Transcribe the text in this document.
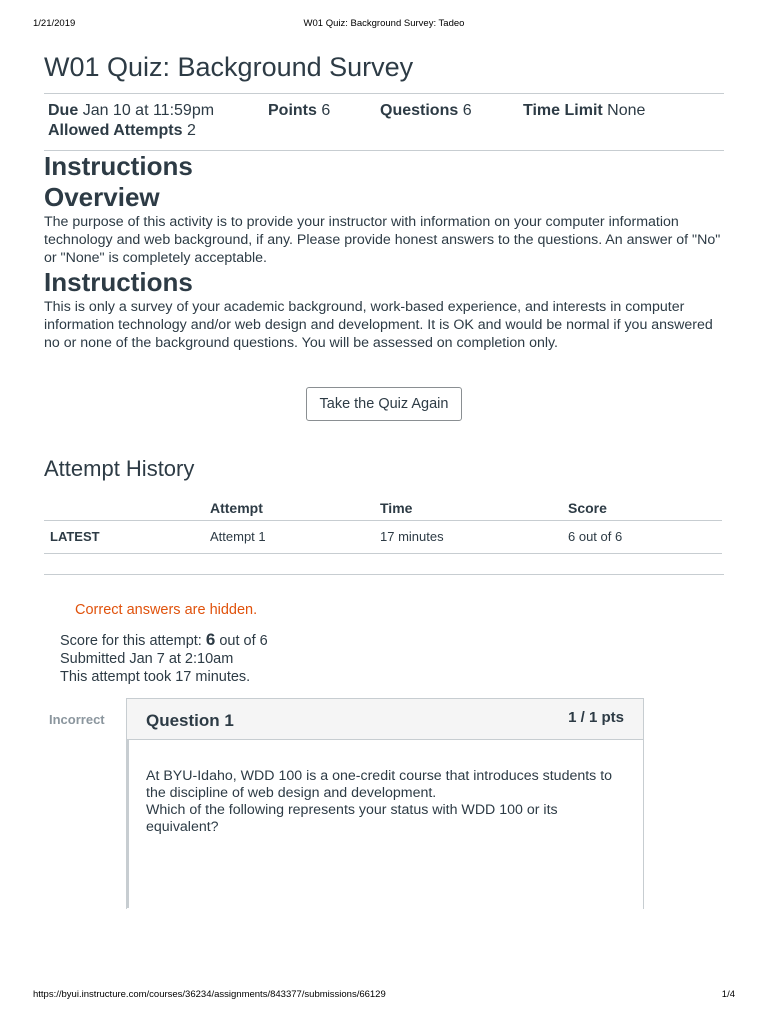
1/21/2019	W01 Quiz: Background Survey: Tadeo
W01 Quiz: Background Survey
Due Jan 10 at 11:59pm	Points 6	Questions 6	Time Limit None
Allowed Attempts 2
Instructions
Overview

The purpose of this activity is to provide your instructor with information on your computer information technology and web background, if any. Please provide honest answers to the questions. An answer of "No" or "None" is completely acceptable.

Instructions

This is only a survey of your academic background, work-based experience, and interests in computer information technology and/or web design and development. It is OK and would be normal if you answered no or none of the background questions. You will be assessed on completion only.

Take the Quiz Again
Attempt History
	Attempt	Time	Score
LATEST	Attempt 1	17 minutes	6 out of 6
Correct answers are hidden.
Score for this attempt: 6 out of 6
Submitted Jan 7 at 2:10am
This attempt took 17 minutes.
Incorrect Question 1	1 / 1 pts
At BYU-Idaho, WDD 100 is a one-credit course that introduces students to the discipline of web design and development.
Which of the following represents your status with WDD 100 or its equivalent?
https://byui.instructure.com/courses/36234/assignments/843377/submissions/66129	1/4
